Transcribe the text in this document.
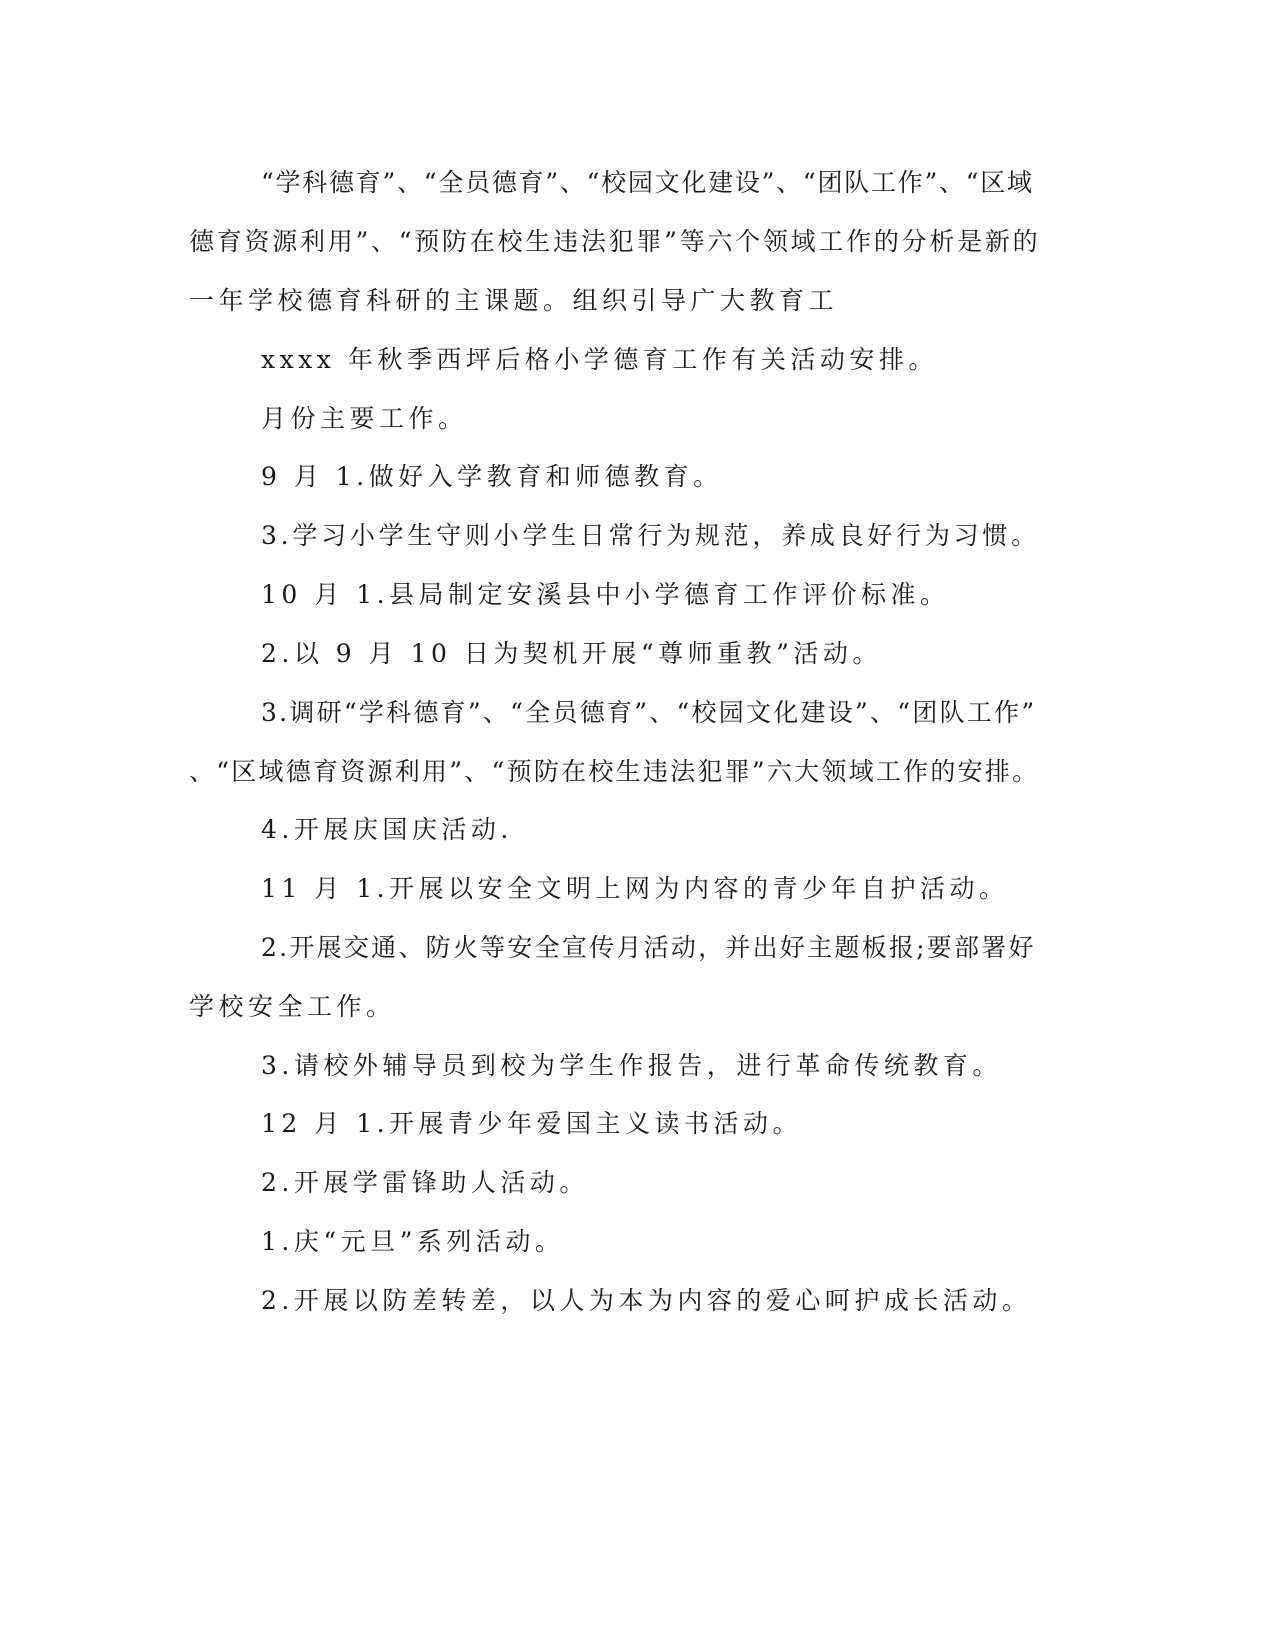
“学科德育”、“全员德育”、“校园文化建设”、“团队工作”、“区域

德育资源利用”、“预防在校生违法犯罪”等六个领域工作的分析是新的

一年学校德育科研的主课题。组织引导广大教育工

xxxx 年秋季西坪后格小学德育工作有关活动安排。

月份主要工作。

9 月 1.做好入学教育和师德教育。

3.学习小学生守则小学生日常行为规范，养成良好行为习惯。

10 月 1.县局制定安溪县中小学德育工作评价标准。

2.以 9 月 10 日为契机开展“尊师重教”活动。

3.调研“学科德育”、“全员德育”、“校园文化建设”、“团队工作”

、“区域德育资源利用”、“预防在校生违法犯罪”六大领域工作的安排。

4.开展庆国庆活动.

11 月 1.开展以安全文明上网为内容的青少年自护活动。

2.开展交通、防火等安全宣传月活动，并出好主题板报;要部署好

学校安全工作。

3.请校外辅导员到校为学生作报告，进行革命传统教育。

12 月 1.开展青少年爱国主义读书活动。

2.开展学雷锋助人活动。

1.庆“元旦”系列活动。

2.开展以防差转差，以人为本为内容的爱心呵护成长活动。
